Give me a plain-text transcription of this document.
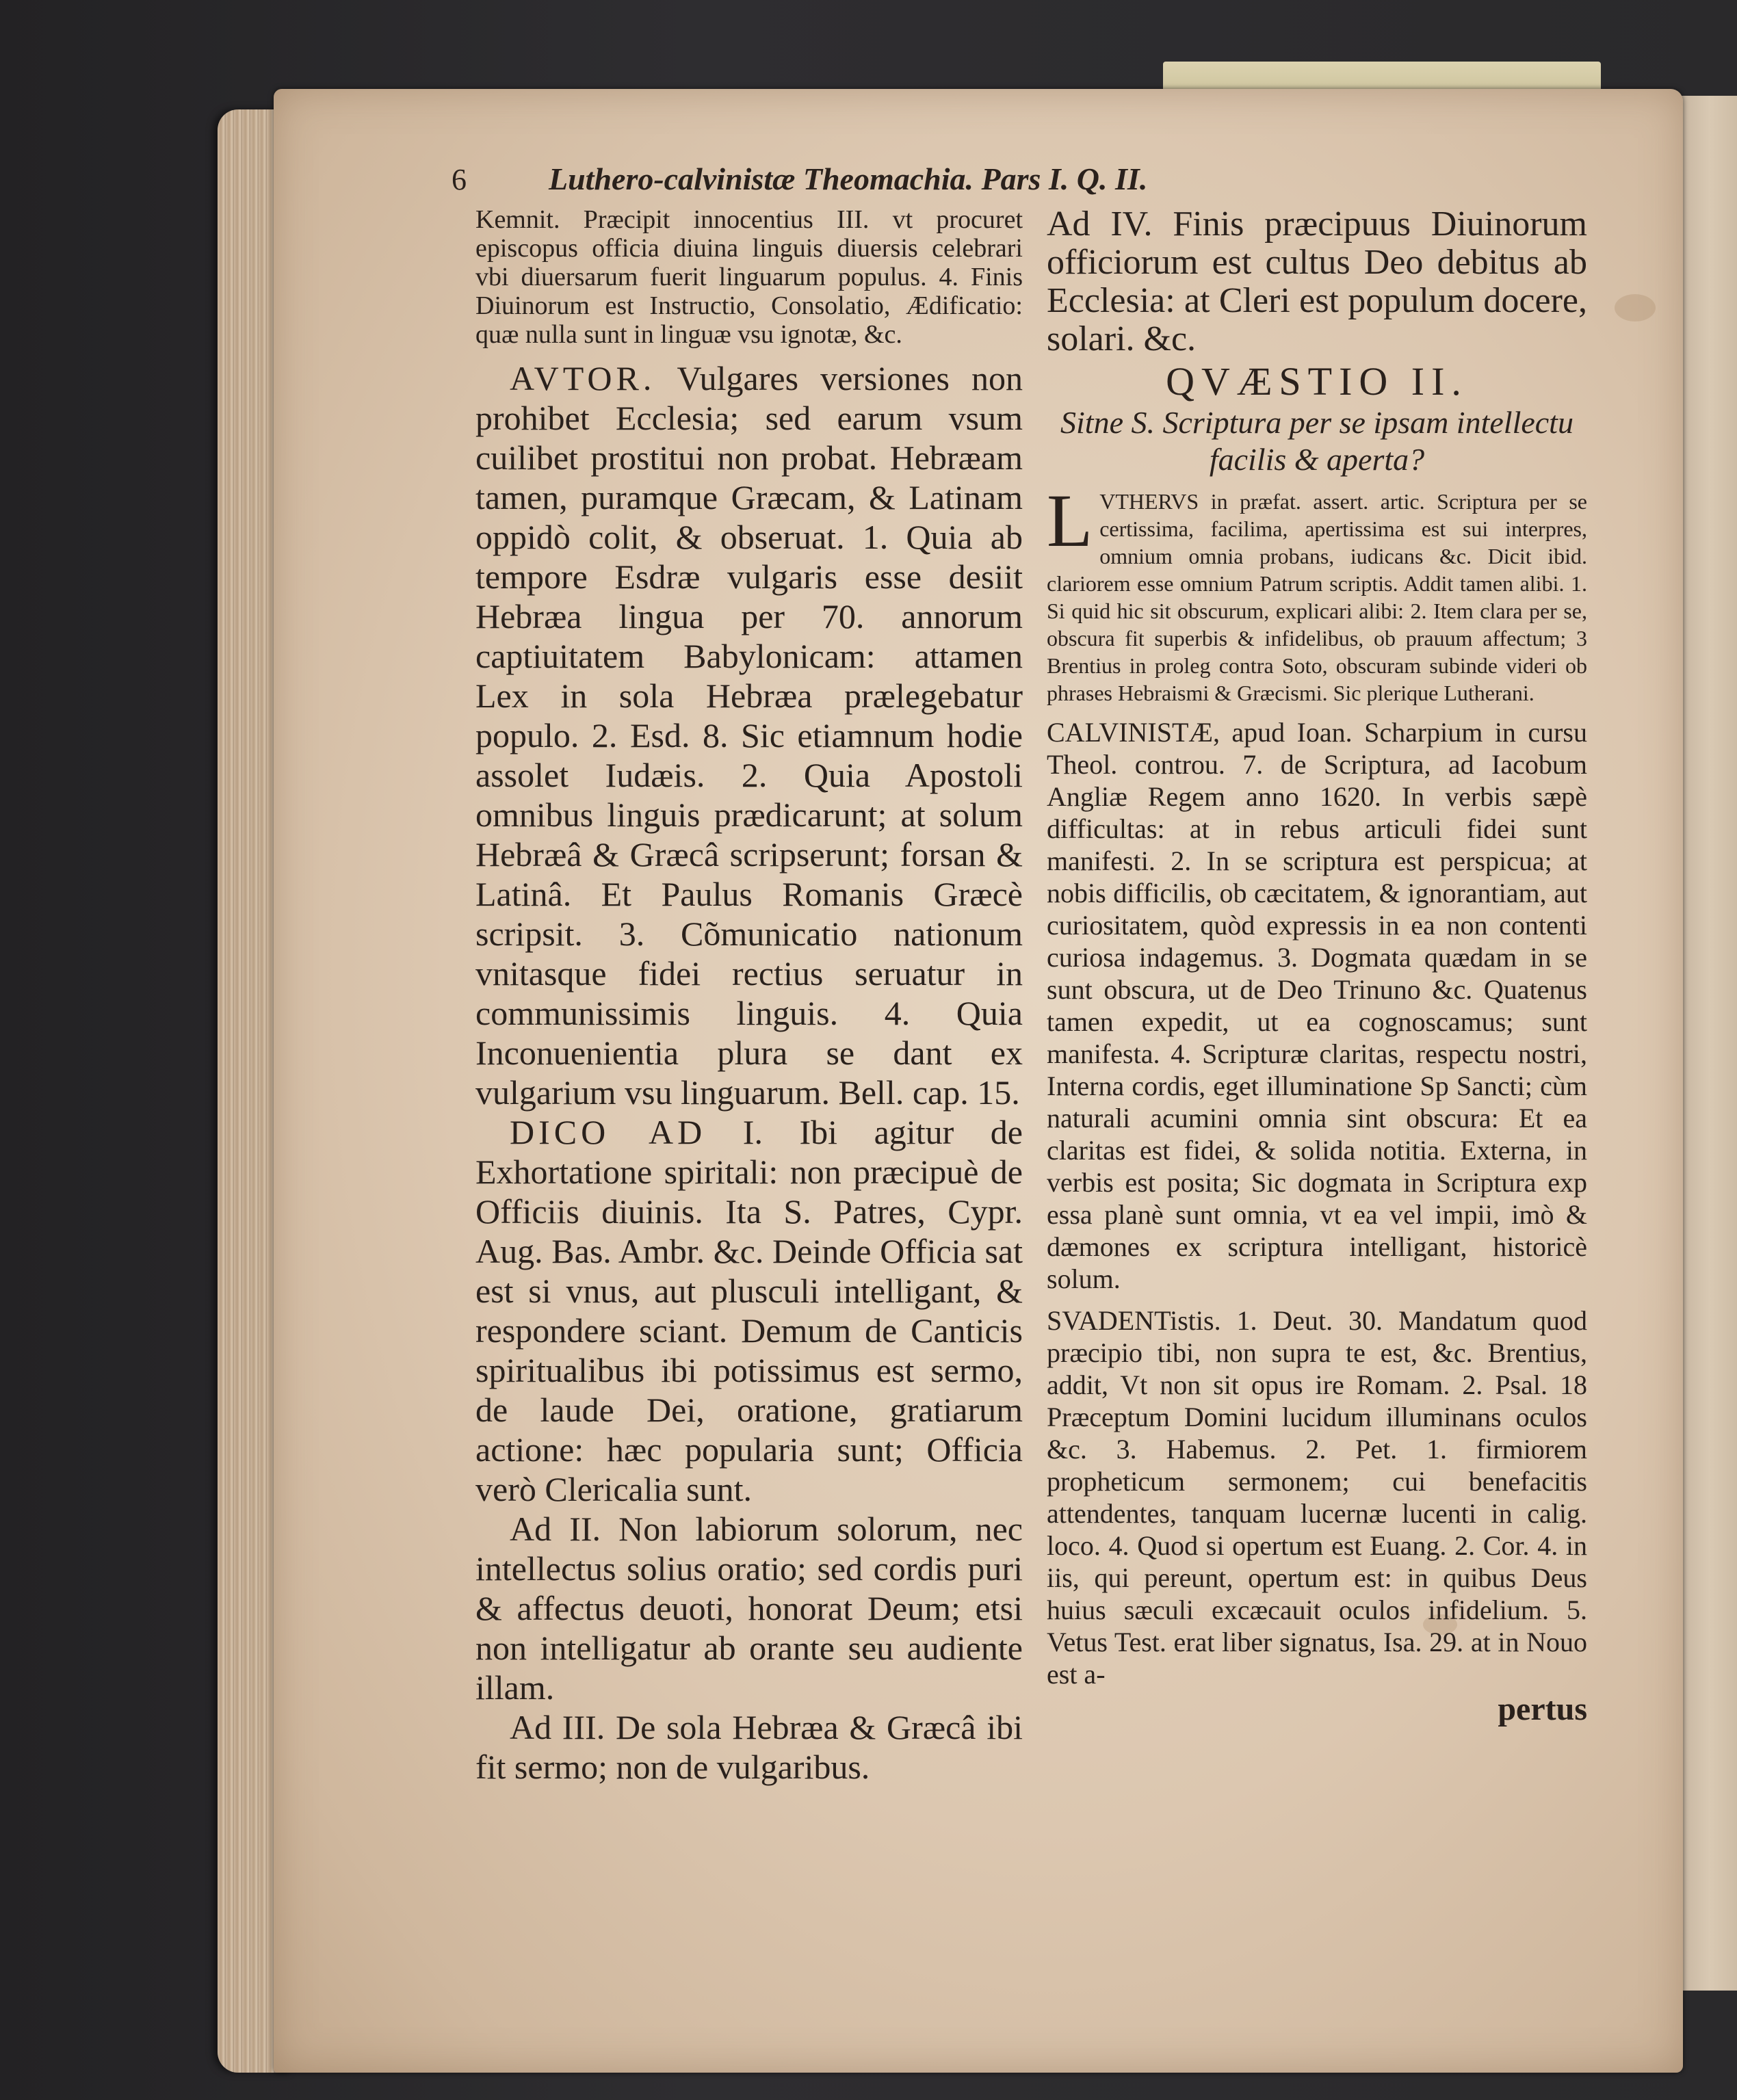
6	Luthero-calvinistæ Theomachia. Pars I. Q. II.

Kemnit. Præcipit innocentius III. vt procuret episcopus officia diuina linguis diuersis celebrari vbi diuersarum fuerit linguarum populus. 4. Finis Diuinorum est Instructio, Consolatio, Ædificatio: quæ nulla sunt in linguæ vsu ignotæ, &c.

AVTOR. Vulgares versiones non prohibet Ecclesia; sed earum vsum cuilibet prostitui non probat. Hebræam tamen, puramque Græcam, & Latinam oppidò colit, & obseruat. 1. Quia ab tempore Esdræ vulgaris esse desiit Hebræa lingua per 70. annorum captiuitatem Babylonicam: attamen Lex in sola Hebræa prælegebatur populo. 2. Esd. 8. Sic etiamnum hodie assolet Iudæis. 2. Quia Apostoli omnibus linguis prædicarunt; at solum Hebræâ & Græcâ scripserunt; forsan & Latinâ. Et Paulus Romanis Græcè scripsit. 3. Cõmunicatio nationum vnitasque fidei rectius seruatur in communissimis linguis. 4. Quia Inconuenientia plura se dant ex vulgarium vsu linguarum. Bell. cap. 15.

DICO AD I. Ibi agitur de Exhortatione spiritali: non præcipuè de Officiis diuinis. Ita S. Patres, Cypr. Aug. Bas. Ambr. &c. Deinde Officia sat est si vnus, aut plusculi intelligant, & respondere sciant. Demum de Canticis spiritualibus ibi potissimus est sermo, de laude Dei, oratione, gratiarum actione: hæc popularia sunt; Officia verò Clericalia sunt.

Ad II. Non labiorum solorum, nec intellectus solius oratio; sed cordis puri & affectus deuoti, honorat Deum; etsi non intelligatur ab orante seu audiente illam.

Ad III. De sola Hebræa & Græcâ ibi fit sermo; non de vulgaribus.

Ad IV. Finis præcipuus Diuinorum officiorum est cultus Deo debitus ab Ecclesia: at Cleri est populum docere, solari. &c.

QVÆSTIO II.

Sitne S. Scriptura per se ipsam intellectu facilis & aperta?

L VTHERVS in præfat. assert. artic. Scriptura per se certissima, facilima, apertissima est sui interpres, omnium omnia probans, iudicans &c. Dicit ibid. clariorem esse omnium Patrum scriptis. Addit tamen alibi. 1. Si quid hic sit obscurum, explicari alibi: 2. Item clara per se, obscura fit superbis & infidelibus, ob prauum affectum; 3 Brentius in proleg contra Soto, obscuram subinde videri ob phrases Hebraismi & Græcismi. Sic plerique Lutherani.

CALVINISTÆ, apud Ioan. Scharpium in cursu Theol. controu. 7. de Scriptura, ad Iacobum Angliæ Regem anno 1620. In verbis sæpè difficultas: at in rebus articuli fidei sunt manifesti. 2. In se scriptura est perspicua; at nobis difficilis, ob cæcitatem, & ignorantiam, aut curiositatem, quòd expressis in ea non contenti curiosa indagemus. 3. Dogmata quædam in se sunt obscura, ut de Deo Trinuno &c. Quatenus tamen expedit, ut ea cognoscamus; sunt manifesta. 4. Scripturæ claritas, respectu nostri, Interna cordis, eget illuminatione Sp Sancti; cùm naturali acumini omnia sint obscura: Et ea claritas est fidei, & solida notitia. Externa, in verbis est posita; Sic dogmata in Scriptura exp essa planè sunt omnia, vt ea vel impii, imò & dæmones ex scriptura intelligant, historicè solum.

SVADENTistis. 1. Deut. 30. Mandatum quod præcipio tibi, non supra te est, &c. Brentius, addit, Vt non sit opus ire Romam. 2. Psal. 18 Præceptum Domini lucidum illuminans oculos &c. 3. Habemus. 2. Pet. 1. firmiorem propheticum sermonem; cui benefacitis attendentes, tanquam lucernæ lucenti in calig. loco. 4. Quod si opertum est Euang. 2. Cor. 4. in iis, qui pereunt, opertum est: in quibus Deus huius sæculi excæcauit oculos infidelium. 5. Vetus Test. erat liber signatus, Isa. 29. at in Nouo est a-

pertus
